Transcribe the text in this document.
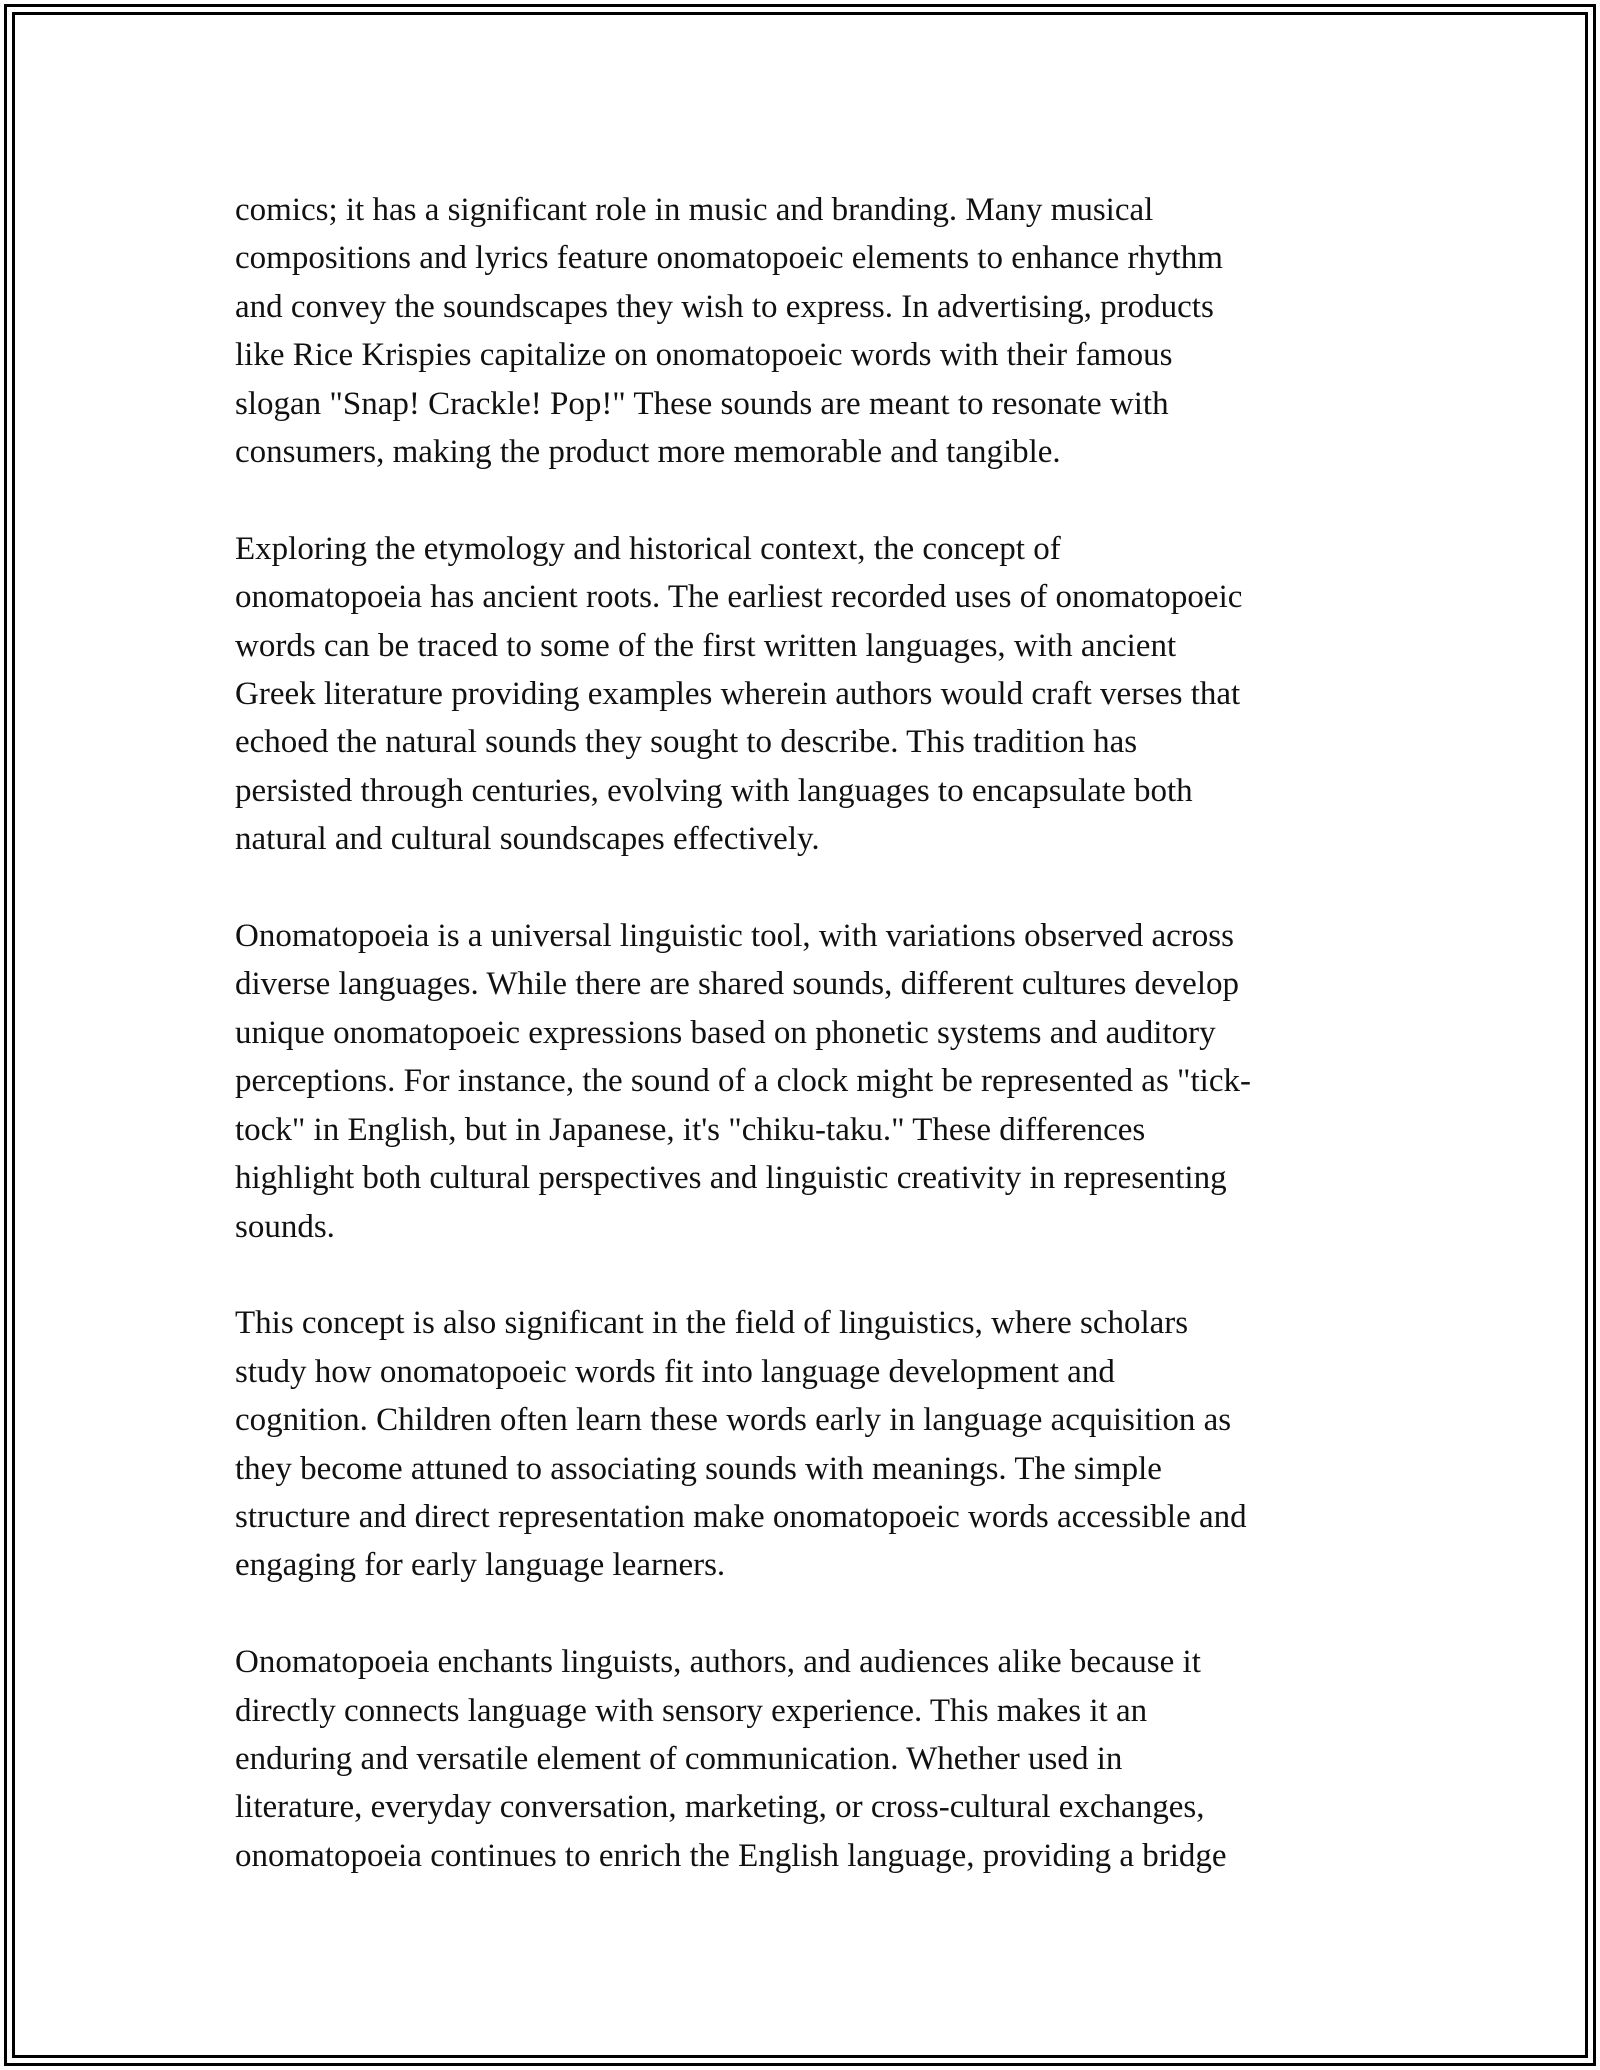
comics; it has a significant role in music and branding. Many musical
compositions and lyrics feature onomatopoeic elements to enhance rhythm
and convey the soundscapes they wish to express. In advertising, products
like Rice Krispies capitalize on onomatopoeic words with their famous
slogan "Snap! Crackle! Pop!" These sounds are meant to resonate with
consumers, making the product more memorable and tangible.

Exploring the etymology and historical context, the concept of
onomatopoeia has ancient roots. The earliest recorded uses of onomatopoeic
words can be traced to some of the first written languages, with ancient
Greek literature providing examples wherein authors would craft verses that
echoed the natural sounds they sought to describe. This tradition has
persisted through centuries, evolving with languages to encapsulate both
natural and cultural soundscapes effectively.

Onomatopoeia is a universal linguistic tool, with variations observed across
diverse languages. While there are shared sounds, different cultures develop
unique onomatopoeic expressions based on phonetic systems and auditory
perceptions. For instance, the sound of a clock might be represented as "tick-
tock" in English, but in Japanese, it's "chiku-taku." These differences
highlight both cultural perspectives and linguistic creativity in representing
sounds.

This concept is also significant in the field of linguistics, where scholars
study how onomatopoeic words fit into language development and
cognition. Children often learn these words early in language acquisition as
they become attuned to associating sounds with meanings. The simple
structure and direct representation make onomatopoeic words accessible and
engaging for early language learners.

Onomatopoeia enchants linguists, authors, and audiences alike because it
directly connects language with sensory experience. This makes it an
enduring and versatile element of communication. Whether used in
literature, everyday conversation, marketing, or cross-cultural exchanges,
onomatopoeia continues to enrich the English language, providing a bridge
